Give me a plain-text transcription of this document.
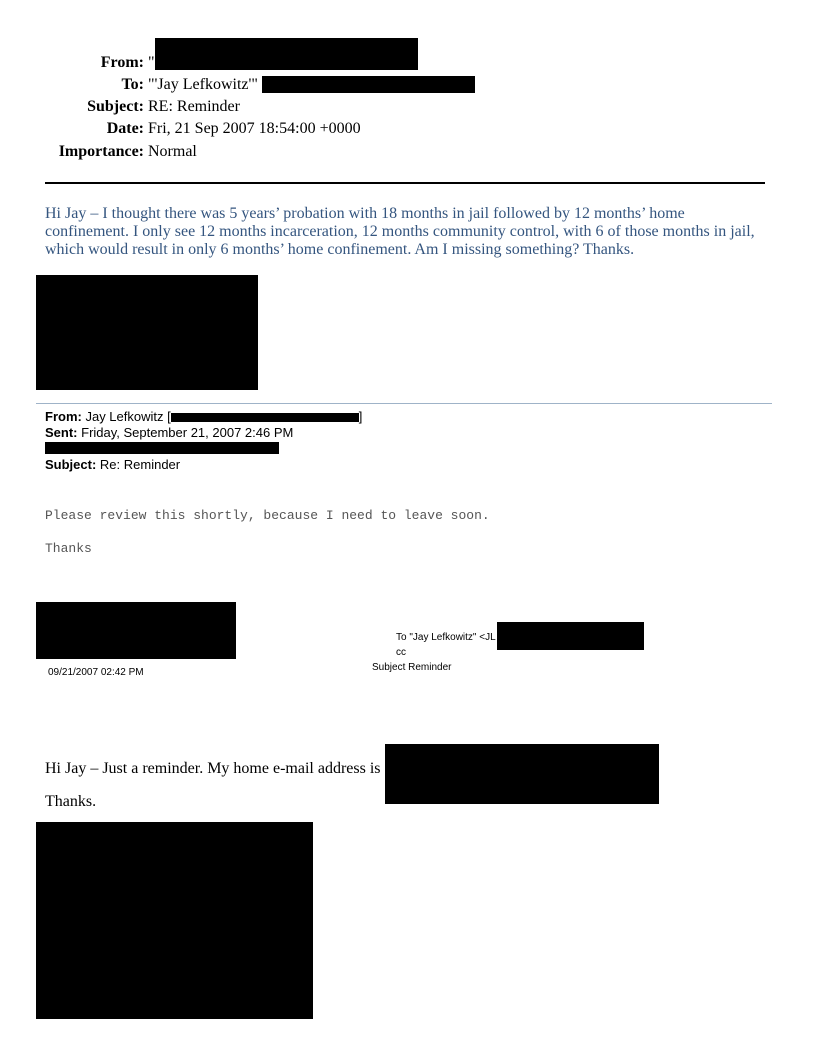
From: "
To: "'Jay Lefkowitz'"
Subject: RE: Reminder
Date: Fri, 21 Sep 2007 18:54:00 +0000
Importance: Normal
Hi Jay – I thought there was 5 years’ probation with 18 months in jail followed by 12 months’ home confinement. I only see 12 months incarceration, 12 months community control, with 6 of those months in jail, which would result in only 6 months’ home confinement. Am I missing something? Thanks.
From: Jay Lefkowitz [	]
Sent: Friday, September 21, 2007 2:46 PM
Subject: Re: Reminder
Please review this shortly, because I need to leave soon.
Thanks
09/21/2007 02:42 PM
To "Jay Lefkowitz" <JL
cc
Subject Reminder
Hi Jay – Just a reminder. My home e-mail address is
Thanks.
